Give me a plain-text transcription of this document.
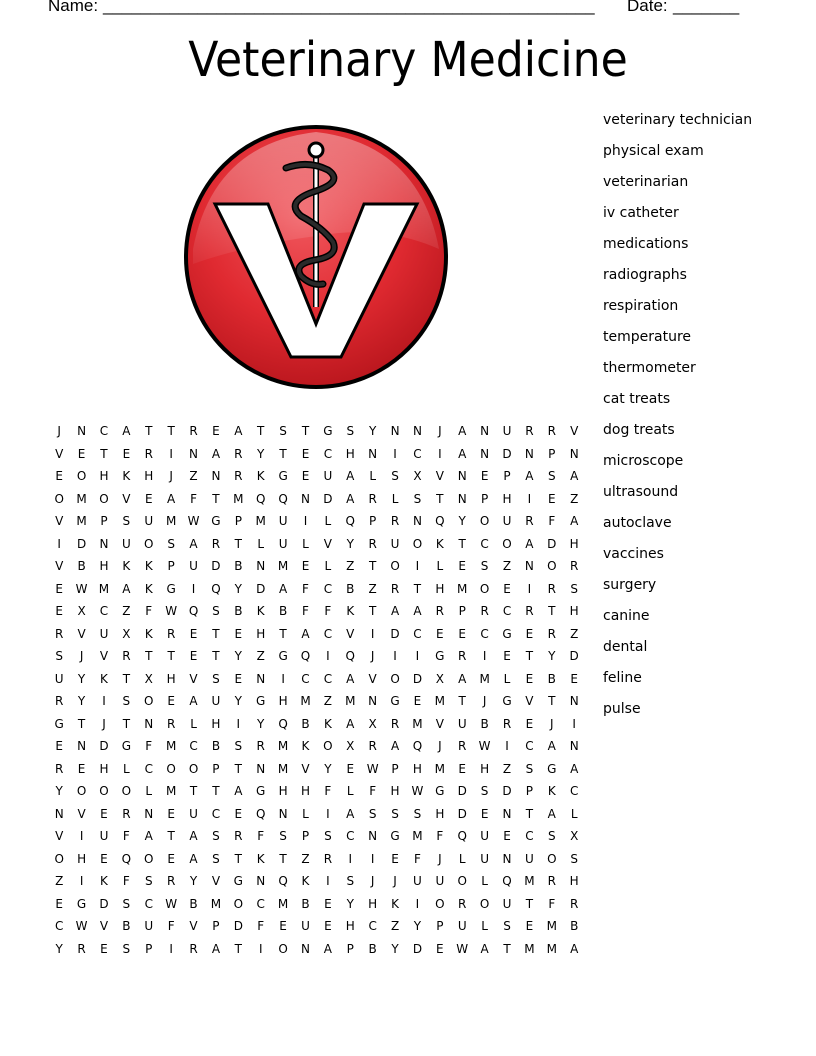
Name: ____________________________________________________ Date: _______
Veterinary Medicine
veterinary technician
physical exam
veterinarian
iv catheter
medications
radiographs
respiration
temperature
thermometer
cat treats
dog treats
microscope
ultrasound
autoclave
vaccines
surgery
canine
dental
feline
pulse
J	N	C	A	T	T	R	E	A	T	S	T	G	S	Y	N	N	J	A	N	U	R	R	V
V	E	T	E	R	I	N	A	R	Y	T	E	C	H	N	I	C	I	A	N	D	N	P	N
E	O	H	K	H	J	Z	N	R	K	G	E	U	A	L	S	X	V	N	E	P	A	S	A
O	M	O	V	E	A	F	T	M	Q	Q	N	D	A	R	L	S	T	N	P	H	I	E	Z
V	M	P	S	U	M W G	P	M	U	I	L	Q	P	R	N	Q	Y	O	U	R	F	A
I	D	N	U	O	S	A	R	T	L	U	L	V	Y	R	U	O	K	T	C	O	A	D	H
V	B	H	K	K	P	U	D	B	N	M	E	L	Z	T	O	I	L	E	S	Z	N	O	R
E	W M	A	K	G	I	Q	Y	D	A	F	C	B	Z	R	T	H	M	O	E	I	R	S
E	X	C	Z	F	W Q	S	B	K	B	F	F	K	T	A	A	R	P	R	C	R	T	H
R	V	U	X	K	R	E	T	E	H	T	A	C	V	I	D	C	E	E	C	G	E	R	Z
S	J	V	R	T	T	E	T	Y	Z	G	Q	I	Q	J	I	I	G	R	I	E	T	Y	D
U	Y	K	T	X	H	V	S	E	N	I	C	C	A	V	O	D	X	A	M	L	E	B	E
R	Y	I	S	O	E	A	U	Y	G	H	M	Z	M	N	G	E	M	T	J	G	V	T	N
G	T	J	T	N	R	L	H	I	Y	Q	B	K	A	X	R	M	V	U	B	R	E	J	I
E	N	D	G	F	M	C	B	S	R	M	K	O	X	R	A	Q	J	R	W	I	C	A	N
R	E	H	L	C	O	O	P	T	N	M	V	Y	E	W	P	H	M	E	H	Z	S	G	A
Y	O	O	O	L	M	T	T	A	G	H	H	F	L	F	H W G	D	S	D	P	K	C
N	V	E	R	N	E	U	C	E	Q	N	L	I	A	S	S	S	H	D	E	N	T	A	L
V	I	U	F	A	T	A	S	R	F	S	P	S	C	N	G	M	F	Q	U	E	C	S	X
O	H	E	Q	O	E	A	S	T	K	T	Z	R	I	I	E	F	J	L	U	N	U	O	S
Z	I	K	F	S	R	Y	V	G	N	Q	K	I	S	J	J	U	U	O	L	Q	M	R	H
E	G	D	S	C	W	B	M	O	C	M	B	E	Y	H	K	I	O	R	O	U	T	F	R
C	W	V	B	U	F	V	P	D	F	E	U	E	H	C	Z	Y	P	U	L	S	E	M	B
Y	R	E	S	P	I	R	A	T	I	O	N	A	P	B	Y	D	E	W	A	T	M	M	A
